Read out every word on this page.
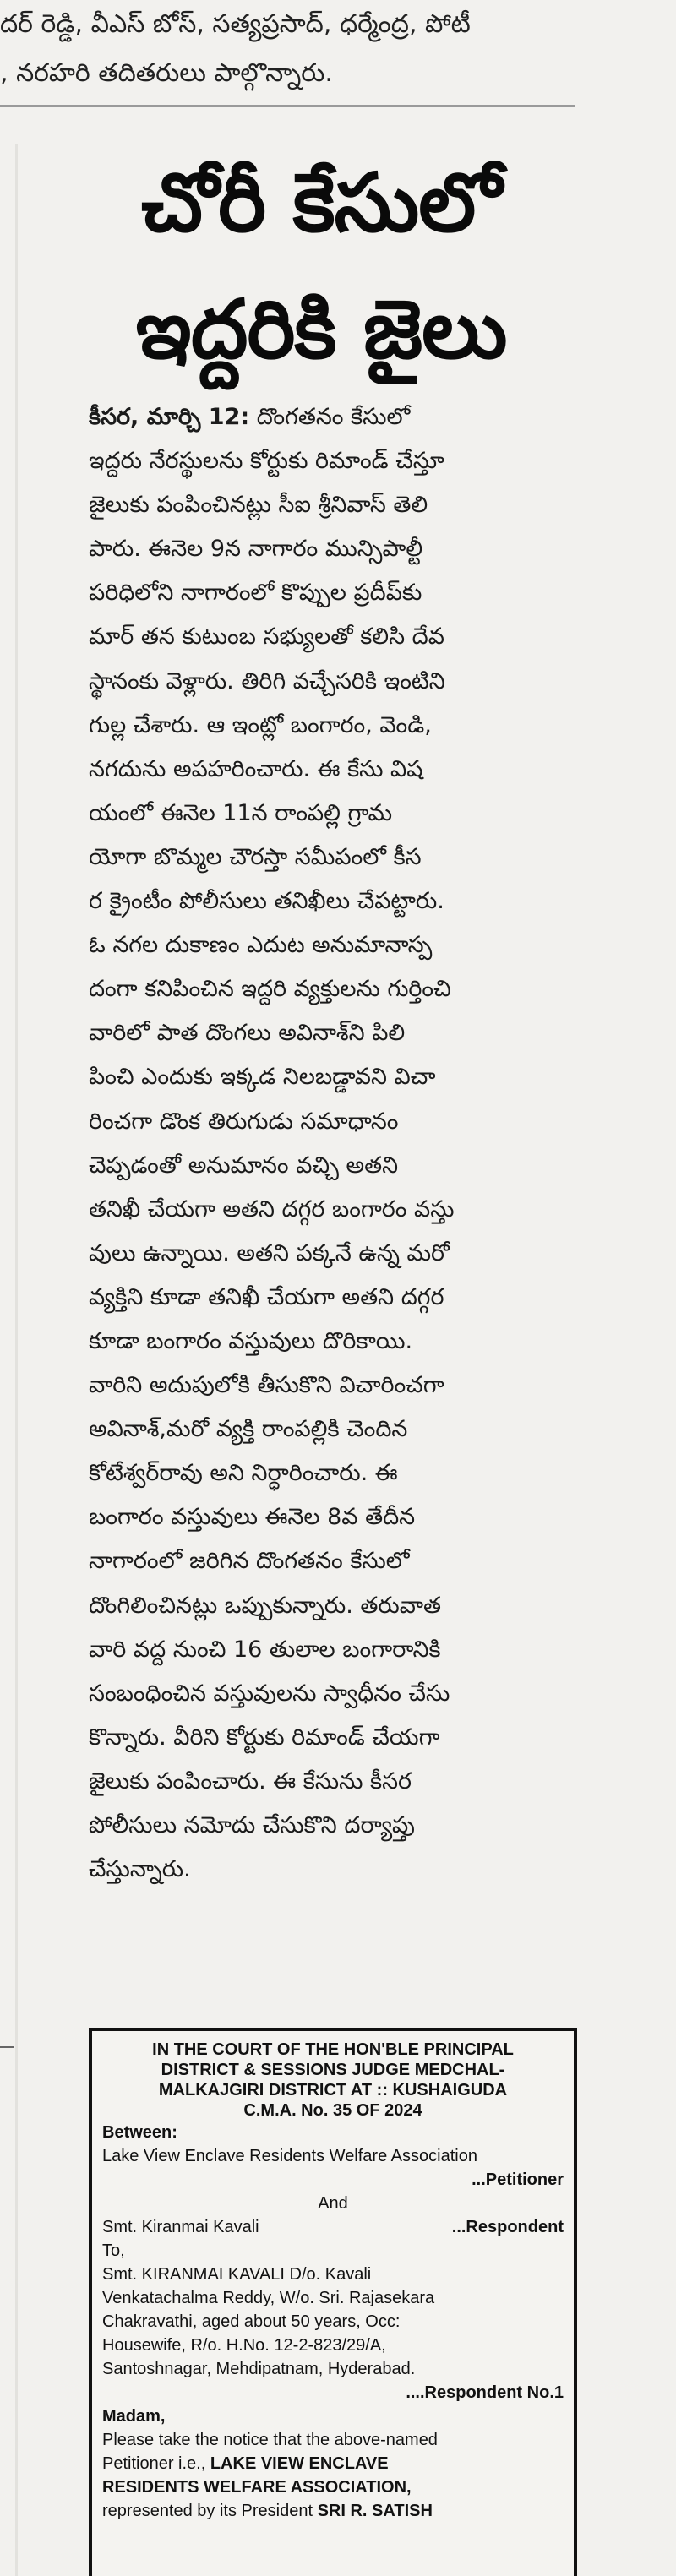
దర్ రెడ్డి, వీఎస్ బోస్, సత్యప్రసాద్, ధర్మేంద్ర, పోటీ

, నరహరి తదితరులు పాల్గొన్నారు.

చోరీ కేసులో
ఇద్దరికి జైలు

కీసర, మార్చి 12: దొంగతనం కేసులో

ఇద్దరు నేరస్థులను కోర్టుకు రిమాండ్ చేస్తూ

జైలుకు పంపించినట్లు సీఐ శ్రీనివాస్ తెలి

పారు. ఈనెల 9న నాగారం మున్సిపాల్టీ

పరిధిలోని నాగారంలో కొప్పుల ప్రదీప్‌కు

మార్ తన కుటుంబ సభ్యులతో కలిసి దేవ

స్థానంకు వెళ్లారు. తిరిగి వచ్చేసరికి ఇంటిని

గుల్ల చేశారు. ఆ ఇంట్లో బంగారం, వెండి,

నగదును అపహరించారు. ఈ కేసు విష

యంలో ఈనెల 11న రాంపల్లి గ్రామ

యోగా బొమ్మల చౌరస్తా సమీపంలో కీస

ర క్రైంటీం పోలీసులు తనిఖీలు చేపట్టారు.

ఓ నగల దుకాణం ఎదుట అనుమానాస్ప

దంగా కనిపించిన ఇద్దరి వ్యక్తులను గుర్తించి

వారిలో పాత దొంగలు అవినాశ్‌ని పిలి

పించి ఎందుకు ఇక్కడ నిలబడ్డావని విచా

రించగా డొంక తిరుగుడు సమాధానం

చెప్పడంతో అనుమానం వచ్చి అతని

తనిఖీ చేయగా అతని దగ్గర బంగారం వస్తు

వులు ఉన్నాయి. అతని పక్కనే ఉన్న మరో

వ్యక్తిని కూడా తనిఖీ చేయగా అతని దగ్గర

కూడా బంగారం వస్తువులు దొరికాయి.

వారిని అదుపులోకి తీసుకొని విచారించగా

అవినాశ్,మరో వ్యక్తి రాంపల్లికి చెందిన

కోటేశ్వర్‌రావు అని నిర్ధారించారు. ఈ

బంగారం వస్తువులు ఈనెల 8వ తేదీన

నాగారంలో జరిగిన దొంగతనం కేసులో

దొంగిలించినట్లు ఒప్పుకున్నారు. తరువాత

వారి వద్ద నుంచి 16 తులాల బంగారానికి

సంబంధించిన వస్తువులను స్వాధీనం చేసు

కొన్నారు. వీరిని కోర్టుకు రిమాండ్ చేయగా

జైలుకు పంపించారు. ఈ కేసును కీసర

పోలీసులు నమోదు చేసుకొని దర్యాప్తు

చేస్తున్నారు.

IN THE COURT OF THE HON'BLE PRINCIPAL
DISTRICT & SESSIONS JUDGE MEDCHAL-
MALKAJGIRI DISTRICT AT :: KUSHAIGUDA
C.M.A. No. 35 OF 2024
Between:
Lake View Enclave Residents Welfare Association
...Petitioner
And
Smt. Kiranmai Kavali	...Respondent
To,
Smt. KIRANMAI KAVALI D/o. Kavali
Venkatachalma Reddy, W/o. Sri. Rajasekara
Chakravathi, aged about 50 years, Occ:
Housewife, R/o. H.No. 12-2-823/29/A,
Santoshnagar, Mehdipatnam, Hyderabad.
....Respondent No.1
Madam,
Please take the notice that the above-named
Petitioner i.e., LAKE VIEW ENCLAVE
RESIDENTS WELFARE ASSOCIATION,
represented by its President SRI R. SATISH
